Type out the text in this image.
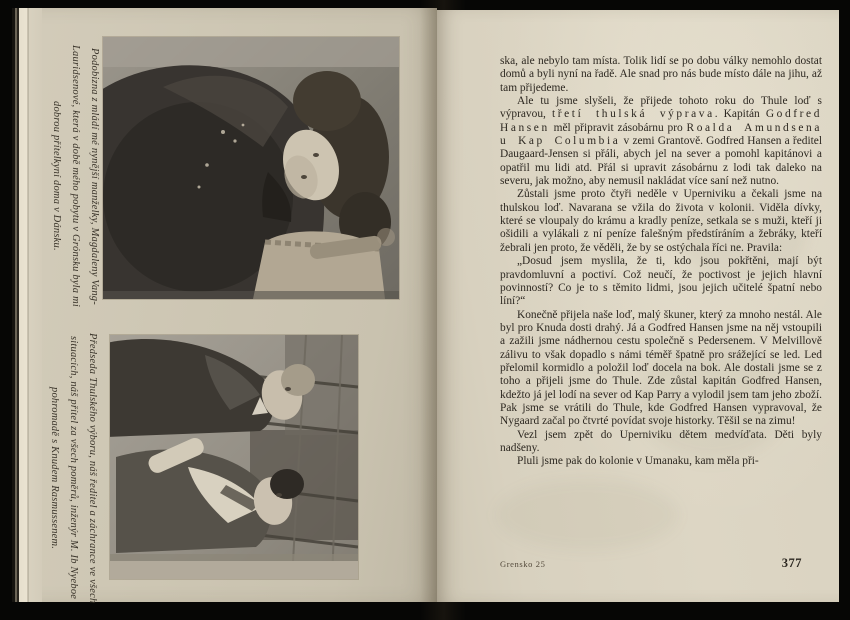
Podobizna z mládí mé nynější manželky, Magdaleny Vang-Lauridsenové, která v době mého pobytu v Grónsku byla mi dobrou přítelkyní doma v Dánsku.
Předseda Thulského výboru, náš ředitel a záchrance ve všech situacích, náš přítel za všech poměrů, inženýr M. Ib Nyeboe pohromadě s Knudem Rasmussenem.

ska, ale nebylo tam místa. Tolik lidí se po dobu války nemohlo dostat domů a byli nyní na řadě. Ale snad pro nás bude místo dále na jihu, až tam přijedeme.

Ale tu jsme slyšeli, že přijede tohoto roku do Thule loď s výpravou, třetí thulská výprava. Kapitán Godfred Hansen měl připravit zásobárnu pro Roalda Amundsena u Kap Columbia v zemi Grantově. Godfred Hansen a ředitel Daugaard-Jensen si přáli, abych jel na sever a pomohl kapitánovi a opatřil mu lidi atd. Přál si upravit zásobárnu z lodi tak daleko na severu, jak možno, aby nemusil nakládat více saní než nutno.

Zůstali jsme proto čtyři neděle v Uperniviku a čekali jsme na thulskou loď. Navarana se vžila do života v kolonii. Viděla dívky, které se vloupaly do krámu a kradly peníze, setkala se s muži, kteří ji ošidili a vylákali z ní peníze falešným předstíráním a žebráky, kteří žebrali jen proto, že věděli, že by se ostýchala říci ne. Pravila:

„Dosud jsem myslila, že ti, kdo jsou pokřtěni, mají být pravdomluvní a poctiví. Což neučí, že poctivost je jejich hlavní povinností? Co je to s těmito lidmi, jsou jejich učitelé špatní nebo líní?“

Konečně přijela naše loď, malý škuner, který za mnoho nestál. Ale byl pro Knuda dosti drahý. Já a Godfred Hansen jsme na něj vstoupili a zažili jsme nádhernou cestu společně s Pedersenem. V Melvillově zálivu to však dopadlo s námi téměř špatně pro srážející se led. Led přelomil kormidlo a položil loď docela na bok. Ale dostali jsme se z toho a přijeli jsme do Thule. Zde zůstal kapitán Godfred Hansen, kdežto já jel lodí na sever od Kap Parry a vylodil jsem tam jeho zboží. Pak jsme se vrátili do Thule, kde Godfred Hansen vypravoval, že Nygaard začal po čtvrté povídat svoje historky. Těšil se na zimu!

Vezl jsem zpět do Uperniviku dětem medvíďata. Děti byly nadšeny.

Pluli jsme pak do kolonie v Umanaku, kam měla při-

Grensko 25	377
